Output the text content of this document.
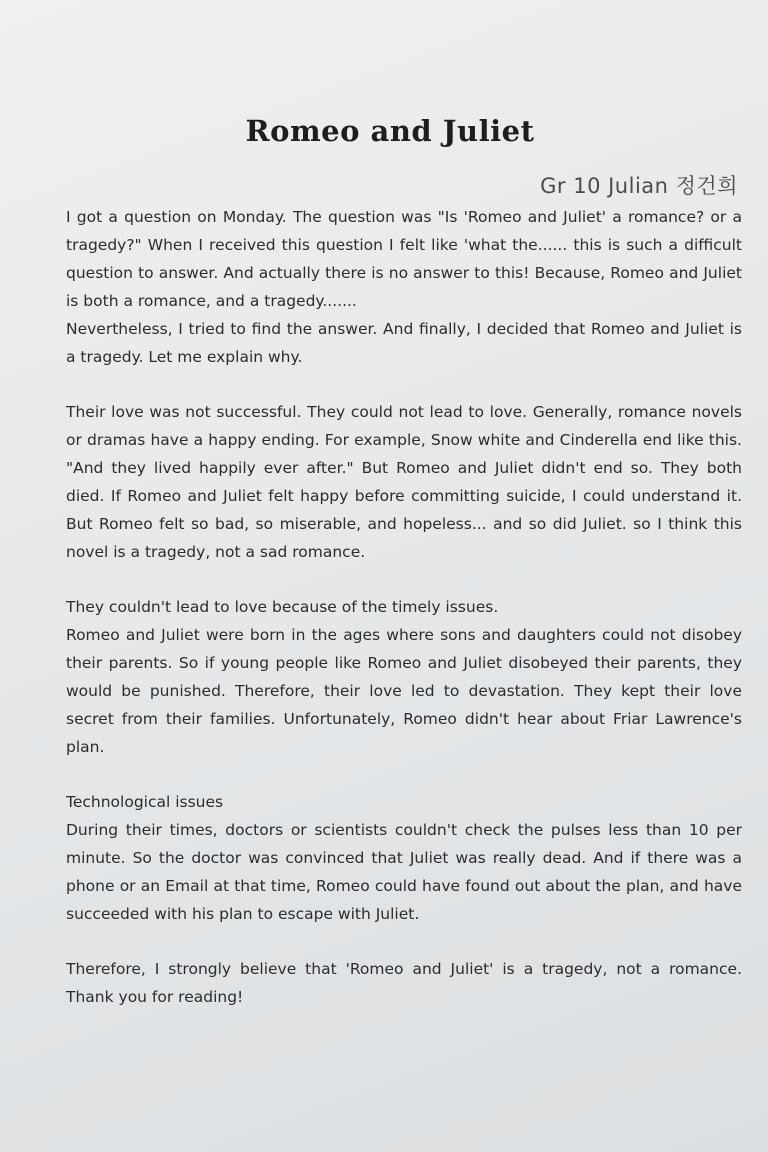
Romeo and Juliet
Gr 10 Julian 정건희

I got a question on Monday. The question was "Is 'Romeo and Juliet' a romance? or a tragedy?" When I received this question I felt like 'what the...... this is such a difficult question to answer. And actually there is no answer to this! Because, Romeo and Juliet is both a romance, and a tragedy.......

Nevertheless, I tried to find the answer. And finally, I decided that Romeo and Juliet is a tragedy. Let me explain why.

Their love was not successful. They could not lead to love. Generally, romance novels or dramas have a happy ending. For example, Snow white and Cinderella end like this. "And they lived happily ever after." But Romeo and Juliet didn't end so. They both died. If Romeo and Juliet felt happy before committing suicide, I could understand it. But Romeo felt so bad, so miserable, and hopeless... and so did Juliet. so I think this novel is a tragedy, not a sad romance.

They couldn't lead to love because of the timely issues.

Romeo and Juliet were born in the ages where sons and daughters could not disobey their parents. So if young people like Romeo and Juliet disobeyed their parents, they would be punished. Therefore, their love led to devastation. They kept their love secret from their families. Unfortunately, Romeo didn't hear about Friar Lawrence's plan.

Technological issues

During their times, doctors or scientists couldn't check the pulses less than 10 per minute. So the doctor was convinced that Juliet was really dead. And if there was a phone or an Email at that time, Romeo could have found out about the plan, and have succeeded with his plan to escape with Juliet.

Therefore, I strongly believe that 'Romeo and Juliet' is a tragedy, not a romance. Thank you for reading!
